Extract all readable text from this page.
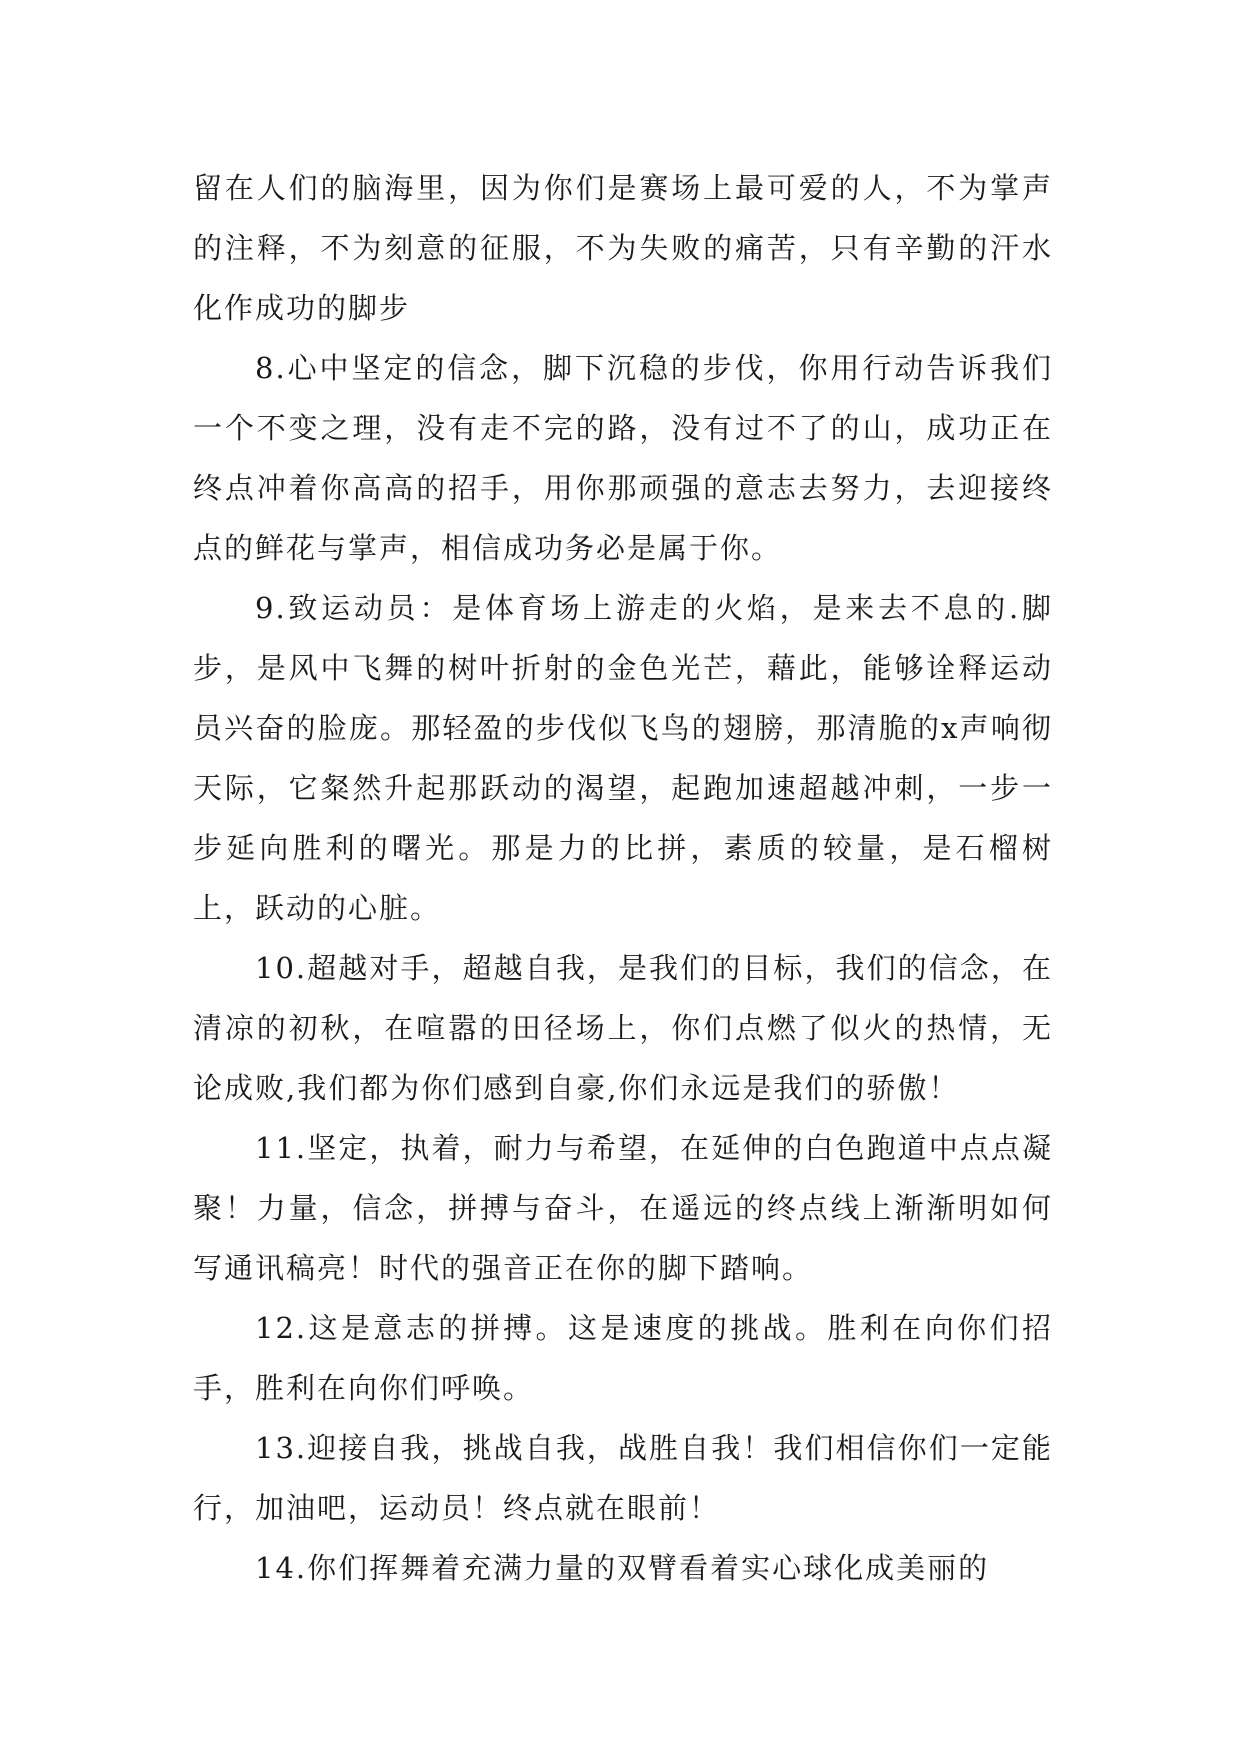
留在人们的脑海里，因为你们是赛场上最可爱的人，不为掌声的注释，不为刻意的征服，不为失败的痛苦，只有辛勤的汗水化作成功的脚步

8.心中坚定的信念，脚下沉稳的步伐，你用行动告诉我们一个不变之理，没有走不完的路，没有过不了的山，成功正在终点冲着你高高的招手，用你那顽强的意志去努力，去迎接终点的鲜花与掌声，相信成功务必是属于你。

9.致运动员：是体育场上游走的火焰，是来去不息的.脚步，是风中飞舞的树叶折射的金色光芒，藉此，能够诠释运动员兴奋的脸庞。那轻盈的步伐似飞鸟的翅膀，那清脆的x声响彻天际，它粲然升起那跃动的渴望，起跑加速超越冲刺，一步一步延向胜利的曙光。那是力的比拼，素质的较量，是石榴树上，跃动的心脏。

10.超越对手，超越自我，是我们的目标，我们的信念，在清凉的初秋，在喧嚣的田径场上，你们点燃了似火的热情，无论成败,我们都为你们感到自豪,你们永远是我们的骄傲！

11.坚定，执着，耐力与希望，在延伸的白色跑道中点点凝聚！力量，信念，拼搏与奋斗，在遥远的终点线上渐渐明如何写通讯稿亮！时代的强音正在你的脚下踏响。

12.这是意志的拼搏。这是速度的挑战。胜利在向你们招手，胜利在向你们呼唤。

13.迎接自我，挑战自我，战胜自我！我们相信你们一定能行，加油吧，运动员！终点就在眼前！

14.你们挥舞着充满力量的双臂看着实心球化成美丽的
